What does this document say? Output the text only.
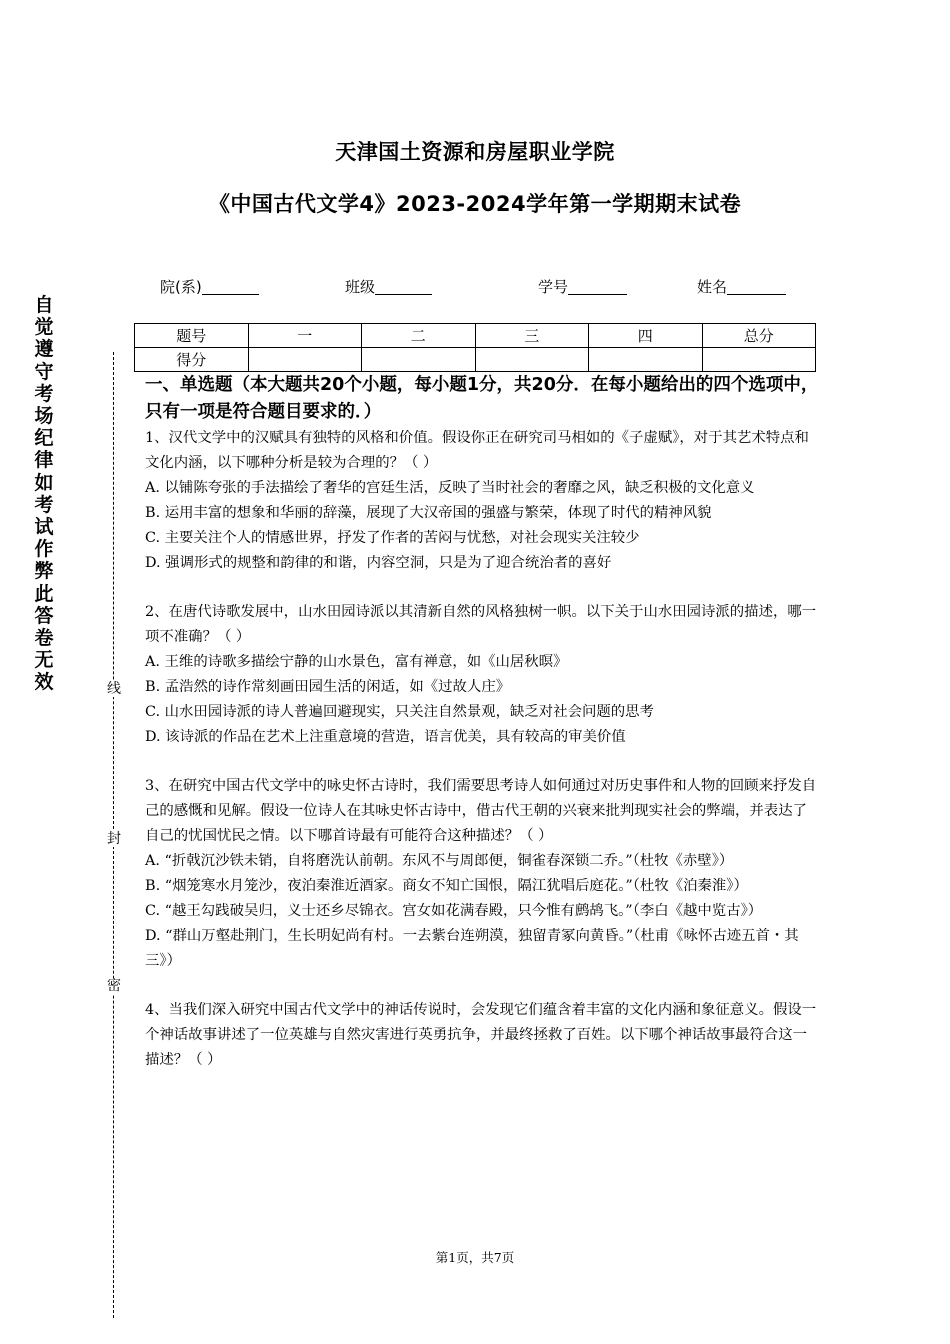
天津国土资源和房屋职业学院
《中国古代文学4》2023-2024学年第一学期期末试卷
院(系)	班级	学号	姓名
自觉遵守考场纪律如考试作弊此答卷无效	线
封
密
题号	一	二	三	四	总分
得分					
一、单选题（本大题共20个小题，每小题1分，共20分．在每小题给出的四个选项中，只有一项是符合题目要求的．）

1、汉代文学中的汉赋具有独特的风格和价值。假设你正在研究司马相如的《子虚赋》，对于其艺术特点和文化内涵，以下哪种分析是较为合理的？（ ）

A. 以铺陈夸张的手法描绘了奢华的宫廷生活，反映了当时社会的奢靡之风，缺乏积极的文化意义

B. 运用丰富的想象和华丽的辞藻，展现了大汉帝国的强盛与繁荣，体现了时代的精神风貌

C. 主要关注个人的情感世界，抒发了作者的苦闷与忧愁，对社会现实关注较少

D. 强调形式的规整和韵律的和谐，内容空洞，只是为了迎合统治者的喜好

2、在唐代诗歌发展中，山水田园诗派以其清新自然的风格独树一帜。以下关于山水田园诗派的描述，哪一项不准确？（ ）

A. 王维的诗歌多描绘宁静的山水景色，富有禅意，如《山居秋暝》

B. 孟浩然的诗作常刻画田园生活的闲适，如《过故人庄》

C. 山水田园诗派的诗人普遍回避现实，只关注自然景观，缺乏对社会问题的思考

D. 该诗派的作品在艺术上注重意境的营造，语言优美，具有较高的审美价值

3、在研究中国古代文学中的咏史怀古诗时，我们需要思考诗人如何通过对历史事件和人物的回顾来抒发自己的感慨和见解。假设一位诗人在其咏史怀古诗中，借古代王朝的兴衰来批判现实社会的弊端，并表达了自己的忧国忧民之情。以下哪首诗最有可能符合这种描述？（ ）

A. “折戟沉沙铁未销，自将磨洗认前朝。东风不与周郎便，铜雀春深锁二乔。”（杜牧《赤壁》）

B. “烟笼寒水月笼沙，夜泊秦淮近酒家。商女不知亡国恨，隔江犹唱后庭花。”（杜牧《泊秦淮》）

C. “越王勾践破吴归，义士还乡尽锦衣。宫女如花满春殿，只今惟有鹧鸪飞。”（李白《越中览古》）

D. “群山万壑赴荆门，生长明妃尚有村。一去紫台连朔漠，独留青冢向黄昏。”（杜甫《咏怀古迹五首・其三》）

4、当我们深入研究中国古代文学中的神话传说时，会发现它们蕴含着丰富的文化内涵和象征意义。假设一个神话故事讲述了一位英雄与自然灾害进行英勇抗争，并最终拯救了百姓。以下哪个神话故事最符合这一描述？（ ）

第1页，共7页
